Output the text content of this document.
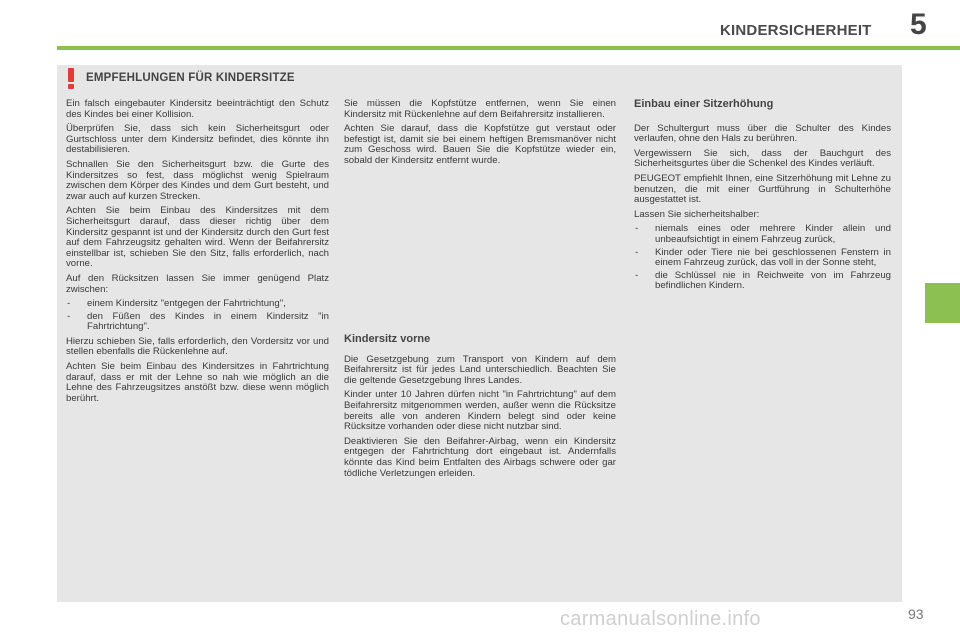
KINDERSICHERHEIT 5
EMPFEHLUNGEN FÜR KINDERSITZE

Ein falsch eingebauter Kindersitz beeinträchtigt den Schutz des Kindes bei einer Kollision.

Überprüfen Sie, dass sich kein Sicherheitsgurt oder Gurtschloss unter dem Kindersitz befindet, dies könnte ihn destabilisieren.

Schnallen Sie den Sicherheitsgurt bzw. die Gurte des Kindersitzes so fest, dass möglichst wenig Spielraum zwischen dem Körper des Kindes und dem Gurt besteht, und zwar auch auf kurzen Strecken.

Achten Sie beim Einbau des Kindersitzes mit dem Sicherheitsgurt darauf, dass dieser richtig über dem Kindersitz gespannt ist und der Kindersitz durch den Gurt fest auf dem Fahrzeugsitz gehalten wird. Wenn der Beifahrersitz einstellbar ist, schieben Sie den Sitz, falls erforderlich, nach vorne.

Auf den Rücksitzen lassen Sie immer genügend Platz zwischen:

-	einem Kindersitz "entgegen der Fahrtrichtung",
-	den Füßen des Kindes in einem Kindersitz "in Fahrtrichtung".

Hierzu schieben Sie, falls erforderlich, den Vordersitz vor und stellen ebenfalls die Rückenlehne auf.

Achten Sie beim Einbau des Kindersitzes in Fahrtrichtung darauf, dass er mit der Lehne so nah wie möglich an die Lehne des Fahrzeugsitzes anstößt bzw. diese wenn möglich berührt.

Sie müssen die Kopfstütze entfernen, wenn Sie einen Kindersitz mit Rückenlehne auf dem Beifahrersitz installieren.

Achten Sie darauf, dass die Kopfstütze gut verstaut oder befestigt ist, damit sie bei einem heftigen Bremsmanöver nicht zum Geschoss wird. Bauen Sie die Kopfstütze wieder ein, sobald der Kindersitz entfernt wurde.

Kindersitz vorne

Die Gesetzgebung zum Transport von Kindern auf dem Beifahrersitz ist für jedes Land unterschiedlich. Beachten Sie die geltende Gesetzgebung Ihres Landes.

Kinder unter 10 Jahren dürfen nicht "in Fahrtrichtung" auf dem Beifahrersitz mitgenommen werden, außer wenn die Rücksitze bereits alle von anderen Kindern belegt sind oder keine Rücksitze vorhanden oder diese nicht nutzbar sind.

Deaktivieren Sie den Beifahrer-Airbag, wenn ein Kindersitz entgegen der Fahrtrichtung dort eingebaut ist. Andernfalls könnte das Kind beim Entfalten des Airbags schwere oder gar tödliche Verletzungen erleiden.

Einbau einer Sitzerhöhung

Der Schultergurt muss über die Schulter des Kindes verlaufen, ohne den Hals zu berühren.

Vergewissern Sie sich, dass der Bauchgurt des Sicherheitsgurtes über die Schenkel des Kindes verläuft.

PEUGEOT empfiehlt Ihnen, eine Sitzerhöhung mit Lehne zu benutzen, die mit einer Gurtführung in Schulterhöhe ausgestattet ist.

Lassen Sie sicherheitshalber:

-	niemals eines oder mehrere Kinder allein und unbeaufsichtigt in einem Fahrzeug zurück,
-	Kinder oder Tiere nie bei geschlossenen Fenstern in einem Fahrzeug zurück, das voll in der Sonne steht,
-	die Schlüssel nie in Reichweite von im Fahrzeug befindlichen Kindern.
carmanualsonline.info	93
